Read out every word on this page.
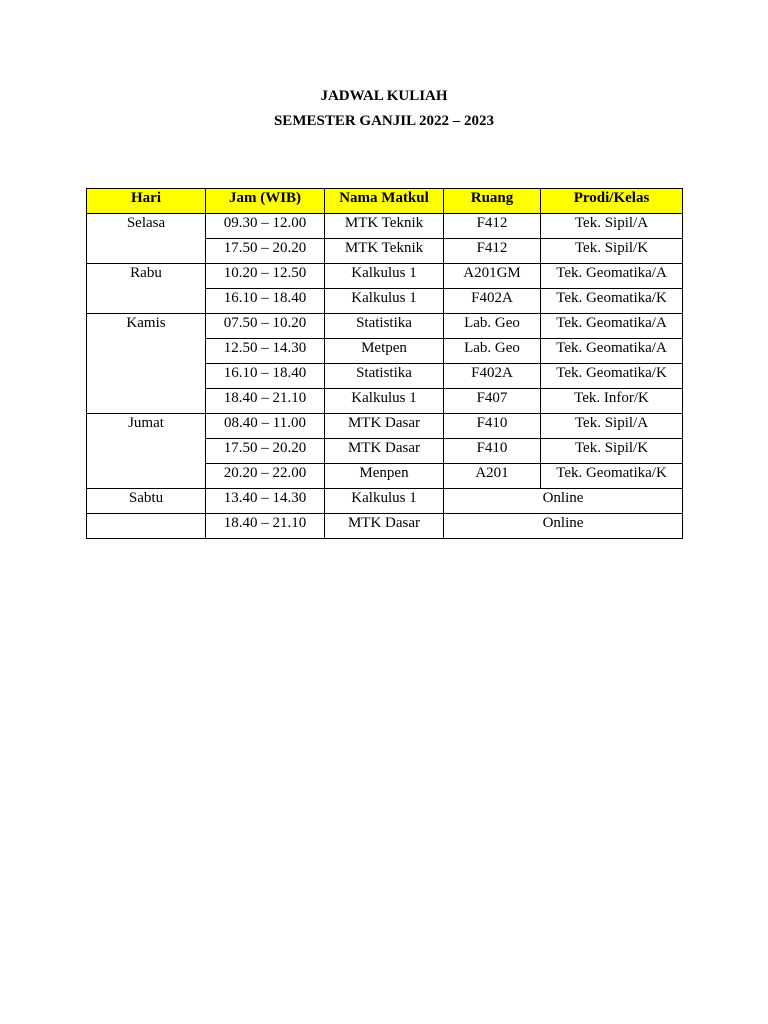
JADWAL KULIAH
SEMESTER GANJIL 2022 – 2023
Hari	Jam (WIB)	Nama Matkul	Ruang	Prodi/Kelas
Selasa	09.30 – 12.00	MTK Teknik	F412	Tek. Sipil/A
	17.50 – 20.20	MTK Teknik	F412	Tek. Sipil/K
Rabu	10.20 – 12.50	Kalkulus 1	A201GM	Tek. Geomatika/A
	16.10 – 18.40	Kalkulus 1	F402A	Tek. Geomatika/K
Kamis	07.50 – 10.20	Statistika	Lab. Geo	Tek. Geomatika/A
	12.50 – 14.30	Metpen	Lab. Geo	Tek. Geomatika/A
	16.10 – 18.40	Statistika	F402A	Tek. Geomatika/K
	18.40 – 21.10	Kalkulus 1	F407	Tek. Infor/K
Jumat	08.40 – 11.00	MTK Dasar	F410	Tek. Sipil/A
	17.50 – 20.20	MTK Dasar	F410	Tek. Sipil/K
	20.20 – 22.00	Menpen	A201	Tek. Geomatika/K
Sabtu	13.40 – 14.30	Kalkulus 1	Online	
	18.40 – 21.10	MTK Dasar	Online	
